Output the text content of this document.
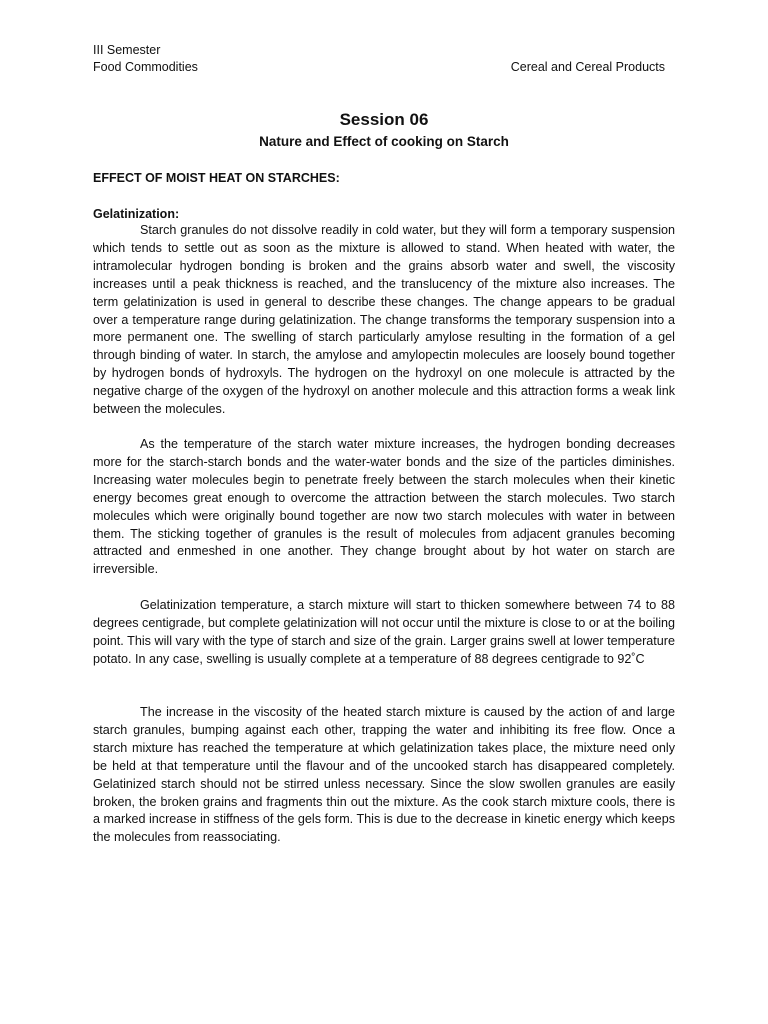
III Semester
Food Commodities	Cereal and Cereal Products
Session 06
Nature and Effect of cooking on Starch
EFFECT OF MOIST HEAT ON STARCHES:
Gelatinization:

Starch granules do not dissolve readily in cold water, but they will form a temporary suspension which tends to settle out as soon as the mixture is allowed to stand. When heated with water, the intramolecular hydrogen bonding is broken and the grains absorb water and swell, the viscosity increases until a peak thickness is reached, and the translucency of the mixture also increases. The term gelatinization is used in general to describe these changes. The change appears to be gradual over a temperature range during gelatinization. The change transforms the temporary suspension into a more permanent one. The swelling of starch particularly amylose resulting in the formation of a gel through binding of water. In starch, the amylose and amylopectin molecules are loosely bound together by hydrogen bonds of hydroxyls. The hydrogen on the hydroxyl on one molecule is attracted by the negative charge of the oxygen of the hydroxyl on another molecule and this attraction forms a weak link between the molecules.

As the temperature of the starch water mixture increases, the hydrogen bonding decreases more for the starch-starch bonds and the water-water bonds and the size of the particles diminishes. Increasing water molecules begin to penetrate freely between the starch molecules when their kinetic energy becomes great enough to overcome the attraction between the starch molecules. Two starch molecules which were originally bound together are now two starch molecules with water in between them. The sticking together of granules is the result of molecules from adjacent granules becoming attracted and enmeshed in one another. They change brought about by hot water on starch are irreversible.

Gelatinization temperature, a starch mixture will start to thicken somewhere between 74 to 88 degrees centigrade, but complete gelatinization will not occur until the mixture is close to or at the boiling point. This will vary with the type of starch and size of the grain. Larger grains swell at lower temperature potato. In any case, swelling is usually complete at a temperature of 88 degrees centigrade to 92˚C

The increase in the viscosity of the heated starch mixture is caused by the action of and large starch granules, bumping against each other, trapping the water and inhibiting its free flow. Once a starch mixture has reached the temperature at which gelatinization takes place, the mixture need only be held at that temperature until the flavour and of the uncooked starch has disappeared completely. Gelatinized starch should not be stirred unless necessary. Since the slow swollen granules are easily broken, the broken grains and fragments thin out the mixture. As the cook starch mixture cools, there is a marked increase in stiffness of the gels form. This is due to the decrease in kinetic energy which keeps the molecules from reassociating.
